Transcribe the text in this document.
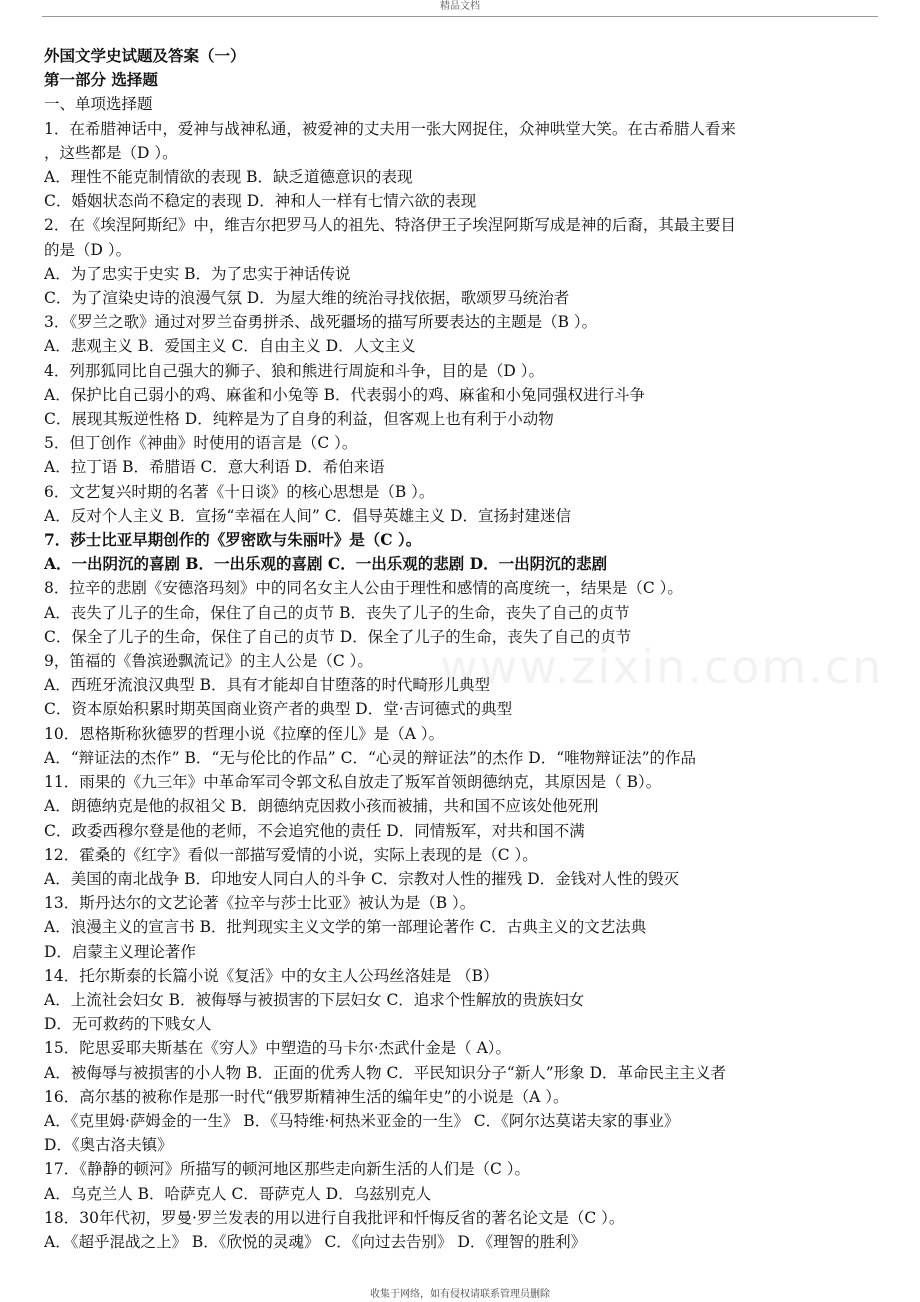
精品文档
www.zixin.com.cn
外国文学史试题及答案（一）
第一部分 选择题
一、单项选择题
1．在希腊神话中，爱神与战神私通，被爱神的丈夫用一张大网捉住，众神哄堂大笑。在古希腊人看来
，这些都是（D ）。
A．理性不能克制情欲的表现 B．缺乏道德意识的表现
C．婚姻状态尚不稳定的表现 D．神和人一样有七情六欲的表现
2．在《埃涅阿斯纪》中，维吉尔把罗马人的祖先、特洛伊王子埃涅阿斯写成是神的后裔，其最主要目
的是（D ）。
A．为了忠实于史实 B．为了忠实于神话传说
C．为了渲染史诗的浪漫气氛 D．为屋大维的统治寻找依据，歌颂罗马统治者
3．《罗兰之歌》通过对罗兰奋勇拼杀、战死疆场的描写所要表达的主题是（B ）。
A．悲观主义 B．爱国主义 C．自由主义 D．人文主义
4．列那狐同比自己强大的狮子、狼和熊进行周旋和斗争，目的是（D ）。
A．保护比自己弱小的鸡、麻雀和小兔等 B．代表弱小的鸡、麻雀和小兔同强权进行斗争
C．展现其叛逆性格 D．纯粹是为了自身的利益，但客观上也有利于小动物
5．但丁创作《神曲》时使用的语言是（C ）。
A．拉丁语 B．希腊语 C．意大利语 D．希伯来语
6．文艺复兴时期的名著《十日谈》的核心思想是（B ）。
A．反对个人主义 B．宣扬“幸福在人间” C．倡导英雄主义 D．宣扬封建迷信
7．莎士比亚早期创作的《罗密欧与朱丽叶》是（C ）。
A．一出阴沉的喜剧 B．一出乐观的喜剧 C．一出乐观的悲剧 D．一出阴沉的悲剧
8．拉辛的悲剧《安德洛玛刻》中的同名女主人公由于理性和感情的高度统一，结果是（C ）。
A．丧失了儿子的生命，保住了自己的贞节 B．丧失了儿子的生命，丧失了自己的贞节
C．保全了儿子的生命，保住了自己的贞节 D．保全了儿子的生命，丧失了自己的贞节
9，笛福的《鲁滨逊飘流记》的主人公是（C ）。
A．西班牙流浪汉典型 B．具有才能却自甘堕落的时代畸形儿典型
C．资本原始积累时期英国商业资产者的典型 D．堂·吉诃德式的典型
10．恩格斯称狄德罗的哲理小说《拉摩的侄儿》是（A ）。
A．“辩证法的杰作” B．“无与伦比的作品” C．“心灵的辩证法”的杰作 D．“唯物辩证法”的作品
11．雨果的《九三年》中革命军司令郭文私自放走了叛军首领朗德纳克，其原因是（ B）。
A．朗德纳克是他的叔祖父 B．朗德纳克因救小孩而被捕，共和国不应该处他死刑
C．政委西穆尔登是他的老师，不会追究他的责任 D．同情叛军，对共和国不满
12．霍桑的《红字》看似一部描写爱情的小说，实际上表现的是（C ）。
A．美国的南北战争 B．印地安人同白人的斗争 C．宗教对人性的摧残 D．金钱对人性的毁灭
13．斯丹达尔的文艺论著《拉辛与莎士比亚》被认为是（B ）。
A．浪漫主义的宣言书 B．批判现实主义文学的第一部理论著作 C．古典主义的文艺法典
D．启蒙主义理论著作
14．托尔斯泰的长篇小说《复活》中的女主人公玛丝洛娃是 （B）
A．上流社会妇女 B．被侮辱与被损害的下层妇女 C．追求个性解放的贵族妇女
D．无可救药的下贱女人
15．陀思妥耶夫斯基在《穷人》中塑造的马卡尔·杰武什金是（ A）。
A．被侮辱与被损害的小人物 B．正面的优秀人物 C．平民知识分子“新人”形象 D．革命民主主义者
16．高尔基的被称作是那一时代“俄罗斯精神生活的编年史”的小说是（A ）。
A．《克里姆·萨姆金的一生》 B．《马特维·柯热米亚金的一生》 C．《阿尔达莫诺夫家的事业》
D．《奥古洛夫镇》
17．《静静的顿河》所描写的顿河地区那些走向新生活的人们是（C ）。
A．乌克兰人 B．哈萨克人 C．哥萨克人 D．乌兹别克人
18．30年代初，罗曼·罗兰发表的用以进行自我批评和忏悔反省的著名论文是（C ）。
A．《超乎混战之上》 B．《欣悦的灵魂》 C．《向过去告别》 D．《理智的胜利》
收集于网络，如有侵权请联系管理员删除
